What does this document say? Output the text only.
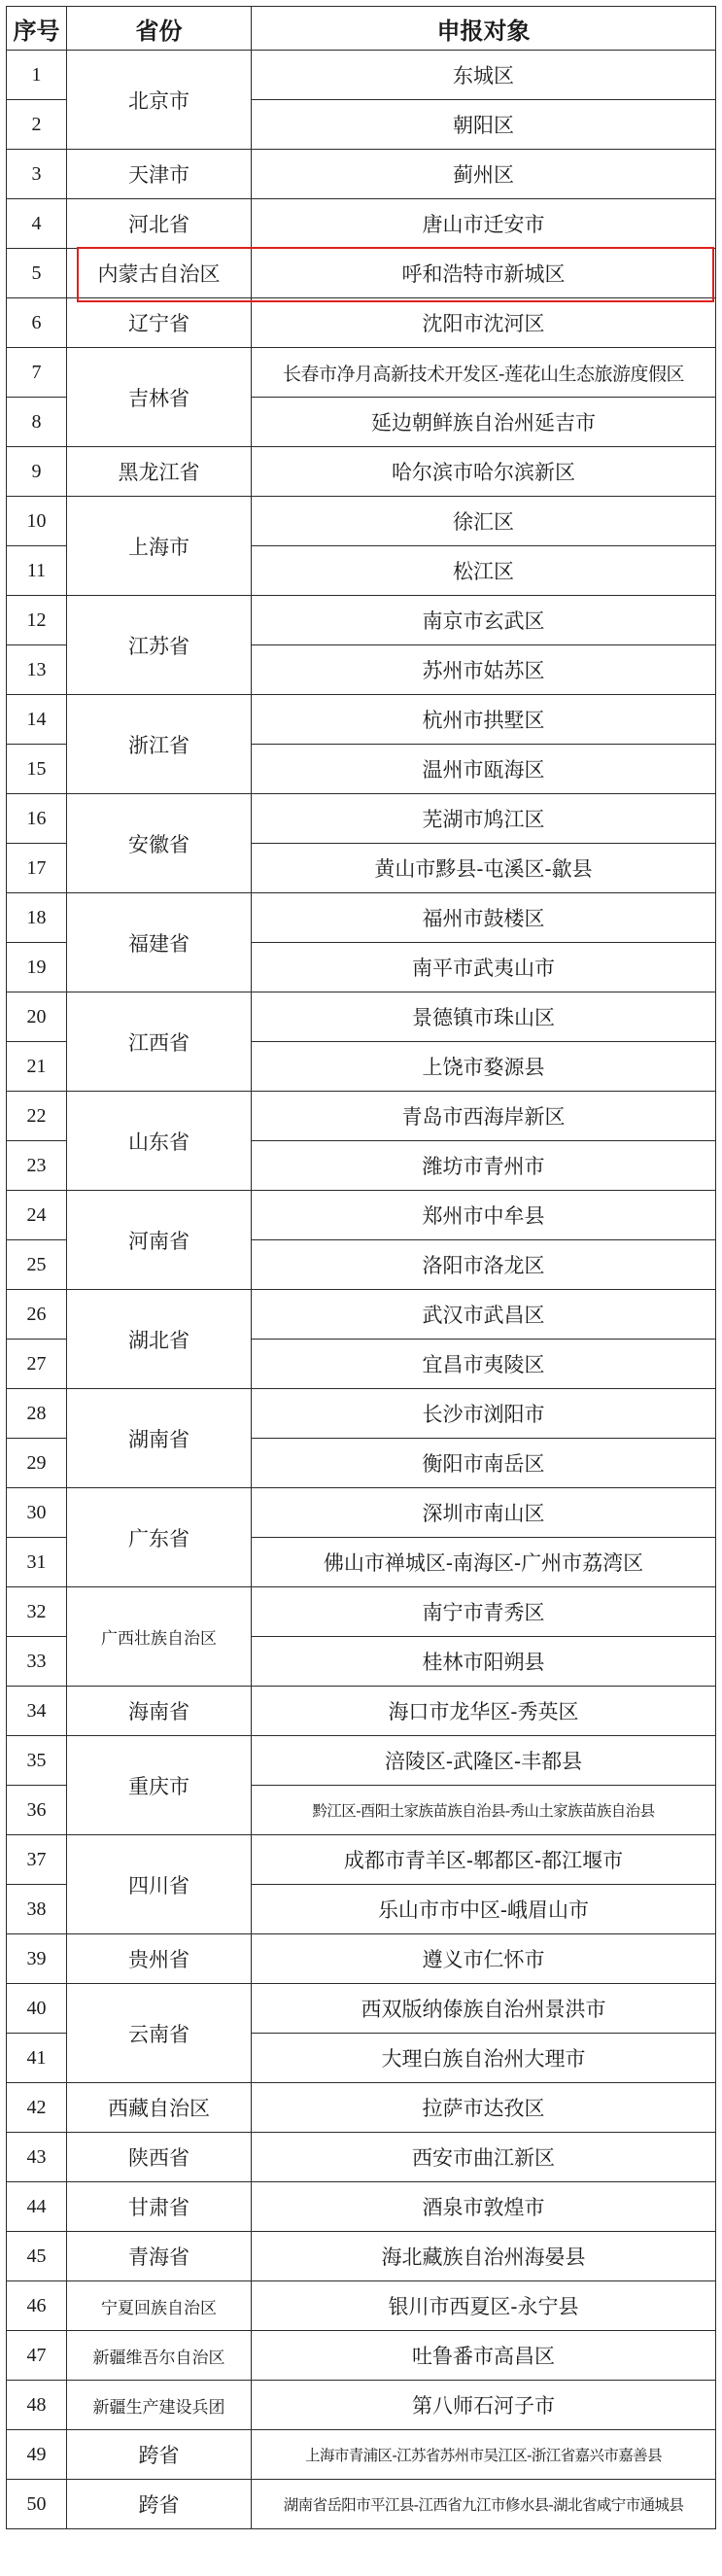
序号	省份	申报对象
1	北京市	东城区
2		朝阳区
3	天津市	蓟州区
4	河北省	唐山市迁安市
5	内蒙古自治区	呼和浩特市新城区
6	辽宁省	沈阳市沈河区
7	吉林省	长春市净月高新技术开发区-莲花山生态旅游度假区
8		延边朝鲜族自治州延吉市
9	黑龙江省	哈尔滨市哈尔滨新区
10	上海市	徐汇区
11		松江区
12	江苏省	南京市玄武区
13		苏州市姑苏区
14	浙江省	杭州市拱墅区
15		温州市瓯海区
16	安徽省	芜湖市鸠江区
17		黄山市黟县-屯溪区-歙县
18	福建省	福州市鼓楼区
19		南平市武夷山市
20	江西省	景德镇市珠山区
21		上饶市婺源县
22	山东省	青岛市西海岸新区
23		潍坊市青州市
24	河南省	郑州市中牟县
25		洛阳市洛龙区
26	湖北省	武汉市武昌区
27		宜昌市夷陵区
28	湖南省	长沙市浏阳市
29		衡阳市南岳区
30	广东省	深圳市南山区
31		佛山市禅城区-南海区-广州市荔湾区
32	广西壮族自治区	南宁市青秀区
33		桂林市阳朔县
34	海南省	海口市龙华区-秀英区
35	重庆市	涪陵区-武隆区-丰都县
36		黔江区-酉阳土家族苗族自治县-秀山土家族苗族自治县
37	四川省	成都市青羊区-郫都区-都江堰市
38		乐山市市中区-峨眉山市
39	贵州省	遵义市仁怀市
40	云南省	西双版纳傣族自治州景洪市
41		大理白族自治州大理市
42	西藏自治区	拉萨市达孜区
43	陕西省	西安市曲江新区
44	甘肃省	酒泉市敦煌市
45	青海省	海北藏族自治州海晏县
46	宁夏回族自治区	银川市西夏区-永宁县
47	新疆维吾尔自治区	吐鲁番市高昌区
48	新疆生产建设兵团	第八师石河子市
49	跨省	上海市青浦区-江苏省苏州市吴江区-浙江省嘉兴市嘉善县
50	跨省	湖南省岳阳市平江县-江西省九江市修水县-湖北省咸宁市通城县
